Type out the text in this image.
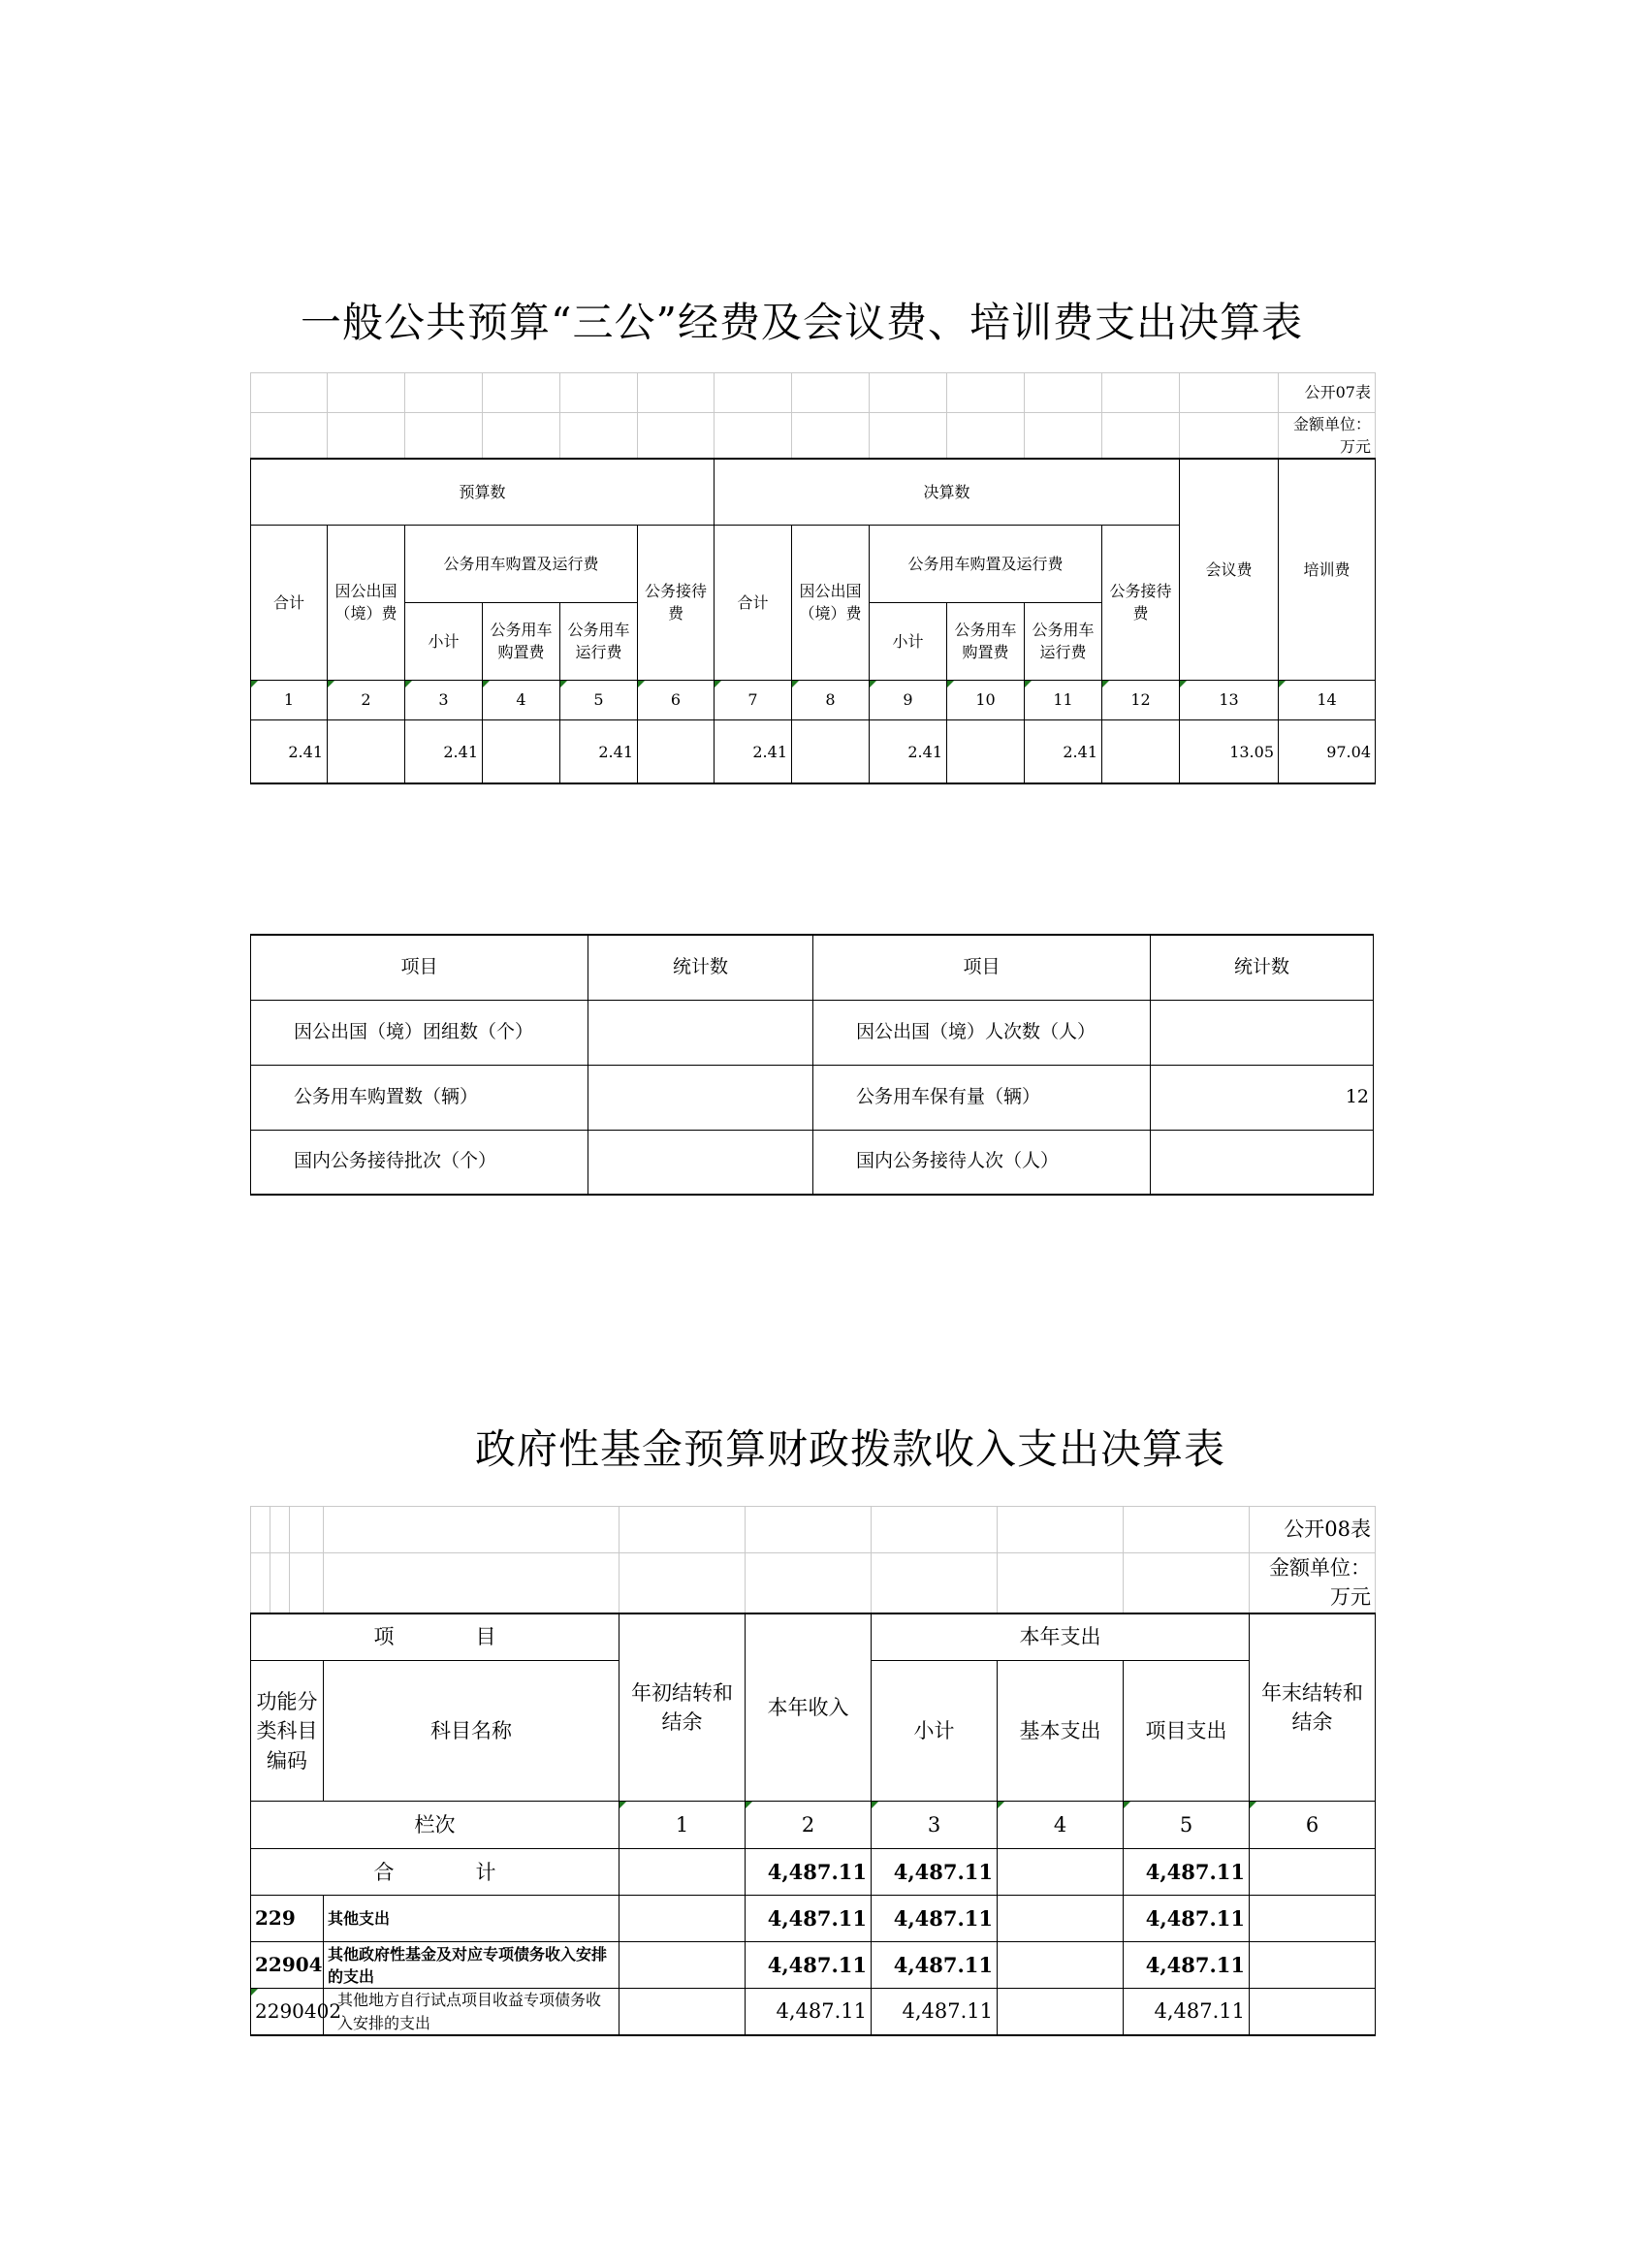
一般公共预算“三公”经费及会议费、培训费支出决算表
													公开07表
													金额单位：万元
预算数						决算数						会议费	培训费
合计	因公出国（境）费	公务用车购置及运行费			公务接待费	合计	因公出国（境）费	公务用车购置及运行费			公务接待费		
		小计	公务用车购置费	公务用车运行费				小计	公务用车购置费	公务用车运行费			
1	2	3	4	5	6	7	8	9	10	11	12	13	14
2.41		2.41		2.41		2.41		2.41		2.41		13.05	97.04
项目	统计数	项目	统计数
因公出国（境）团组数（个）		因公出国（境）人次数（人）	
公务用车购置数（辆）		公务用车保有量（辆）	12
国内公务接待批次（个）		国内公务接待人次（人）	
政府性基金预算财政拨款收入支出决算表
									公开08表
									金额单位：万元
项　　　　目				年初结转和结余	本年收入	本年支出			年末结转和结余
功能分类科目编码			科目名称			小计	基本支出	项目支出	
栏次				1	2	3	4	5	6
合　　　　计					4,487.11	4,487.11		4,487.11	
229			其他支出		4,487.11	4,487.11		4,487.11	
22904			其他政府性基金及对应专项债务收入安排的支出		4,487.11	4,487.11		4,487.11	
2290402			其他地方自行试点项目收益专项债务收入安排的支出		4,487.11	4,487.11		4,487.11	
